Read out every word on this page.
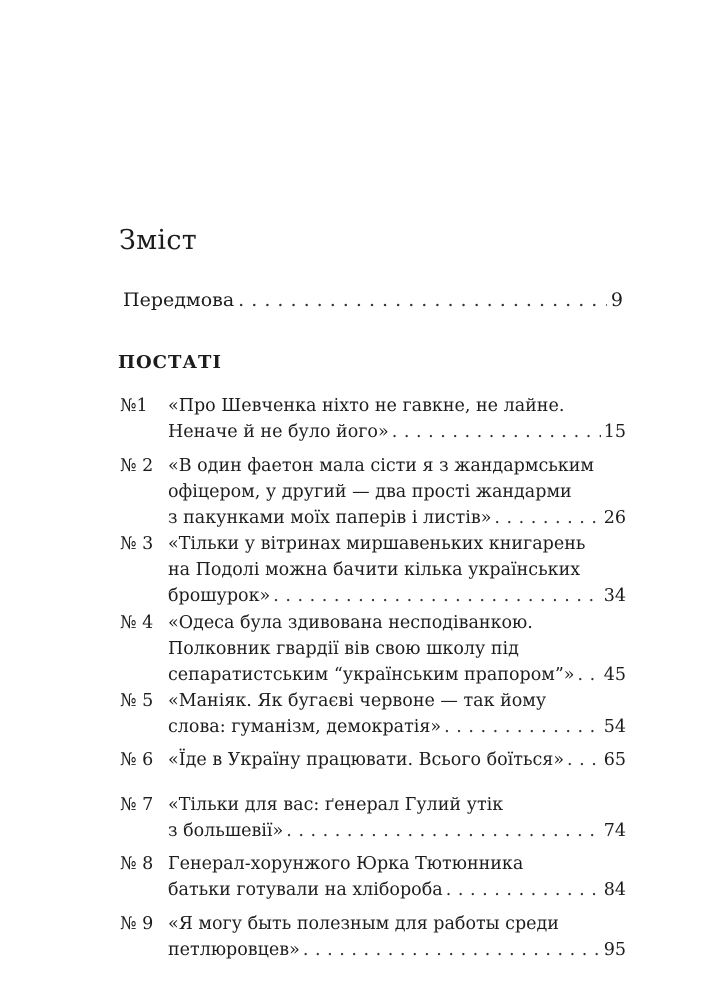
Зміст
Передмова . . .	9
ПОСТАТІ
№1	«Про Шевченка ніхто не гавкне, не лайне.
Неначе й не було його» . . .	15
№ 2 «В один фаетон мала сісти я з жандармським
офіцером, у другий — два прості жандарми
з пакунками моїх паперів і листів» . . .	26
№ 3 «Тільки у вітринах миршавеньких книгарень
на Подолі можна бачити кілька українських
брошурок» . . .	34
№ 4 «Одеса була здивована несподіванкою.
Полковник гвардії вів свою школу під
сепаратистським “українським прапором”» . . . 45
№ 5 «Маніяк. Як бугаєві червоне — так йому
слова: гуманізм, демократія» . . .	54
№ 6 «Їде в Україну працювати. Всього боїться» . . . 65
№ 7 «Тільки для вас: ґенерал Гулий утік
з большевії» . . .	74
№ 8 Генерал-хорунжого Юрка Тютюнника
батьки готували на хлібороба . . .	84
№ 9 «Я могу быть полезным для работы среди
петлюровцев» . . .	95
